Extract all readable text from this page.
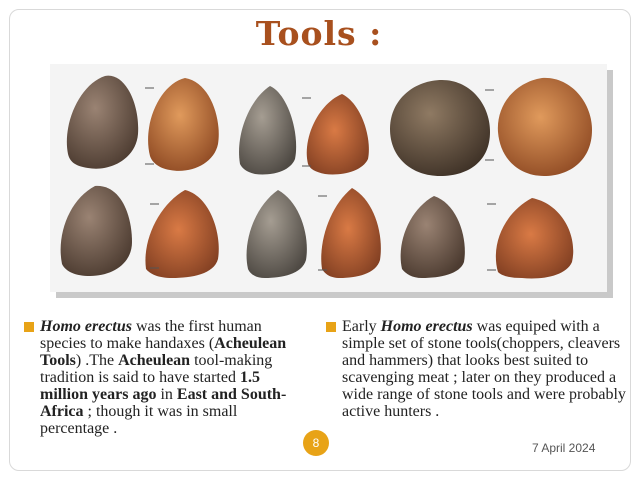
Tools :
Homo erectus was the first human species to make handaxes (Acheulean Tools) .The Acheulean tool-making tradition is said to have started 1.5 million years ago in East and South-Africa ; though it was in small percentage .
Early Homo erectus was equiped with a simple set of stone tools(choppers, cleavers and hammers) that looks best suited to scavenging meat ; later on they produced a wide range of stone tools and were probably active hunters .
8	7 April 2024
